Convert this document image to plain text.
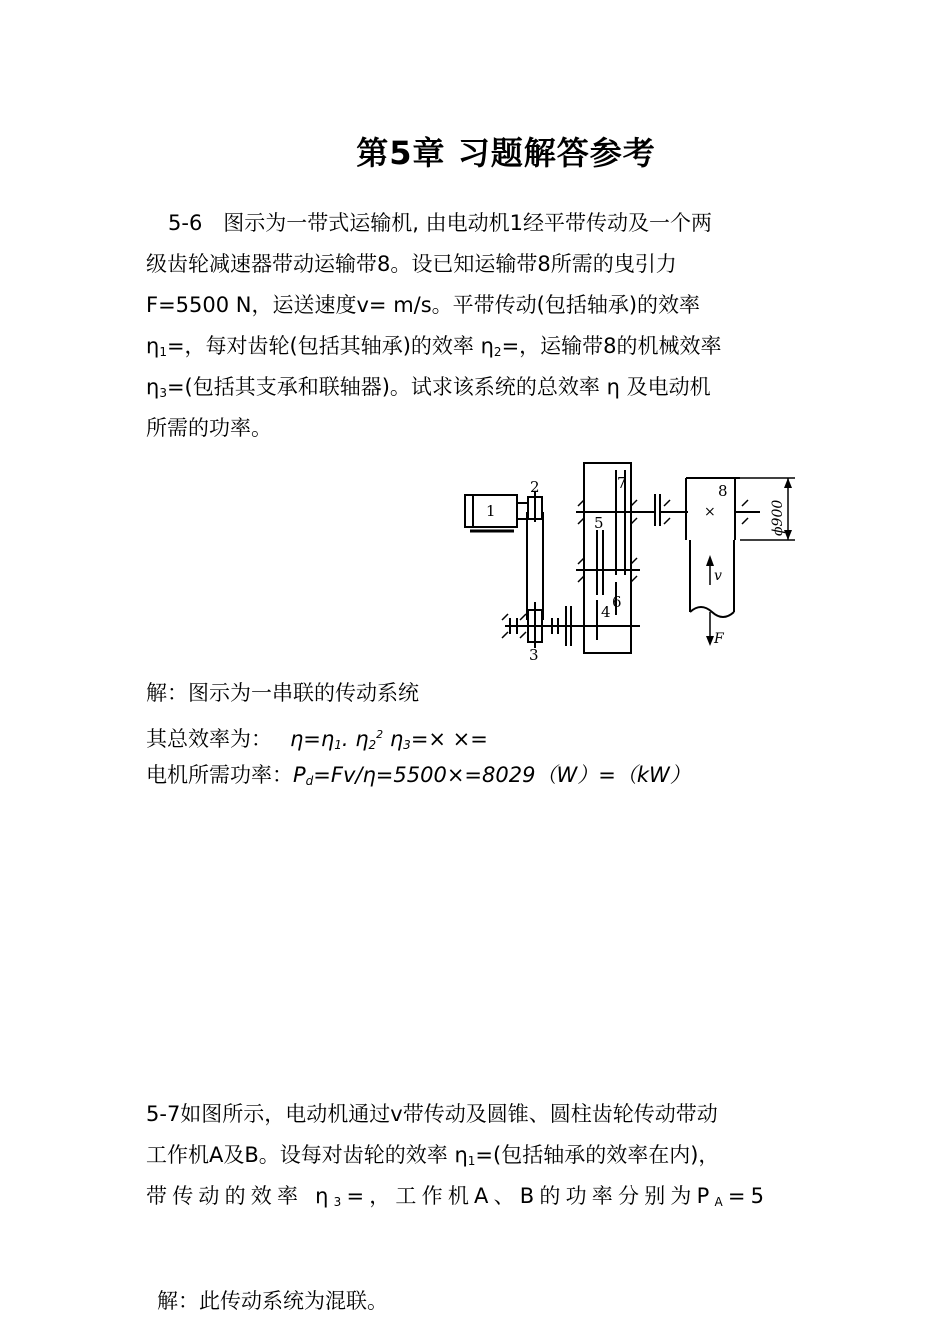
第5章 习题解答参考
5-6　图示为一带式运输机, 由电动机1经平带传动及一个两
级齿轮减速器带动运输带8。设已知运输带8所需的曳引力
F=5500 N，运送速度v= m/s。平带传动(包括轴承)的效率
$\eta_1=$，每对齿轮(包括其轴承)的效率 $\eta_2=$，运输带8的机械效率
$\eta_3=$(包括其支承和联轴器)。试求该系统的总效率 η 及电动机
所需的功率。
1
2
3
4
5
6
7	8
×
v
F
ϕ900
解：图示为一串联的传动系统
其总效率为： $\eta=\eta_1$. $\eta_2^2$ $\eta_3=\times$ ×=
电机所需功率：$P_d=Fv/\eta=5500\times=8029(W)=(kW)$
5-7如图所示，电动机通过v带传动及圆锥、圆柱齿轮传动带动
工作机A及B。设每对齿轮的效率 $\eta_1=$(包括轴承的效率在内)，
带传动的效率 $\eta_3=$，工作机A、B的功率分别为$P_A=5$
解：此传动系统为混联。
